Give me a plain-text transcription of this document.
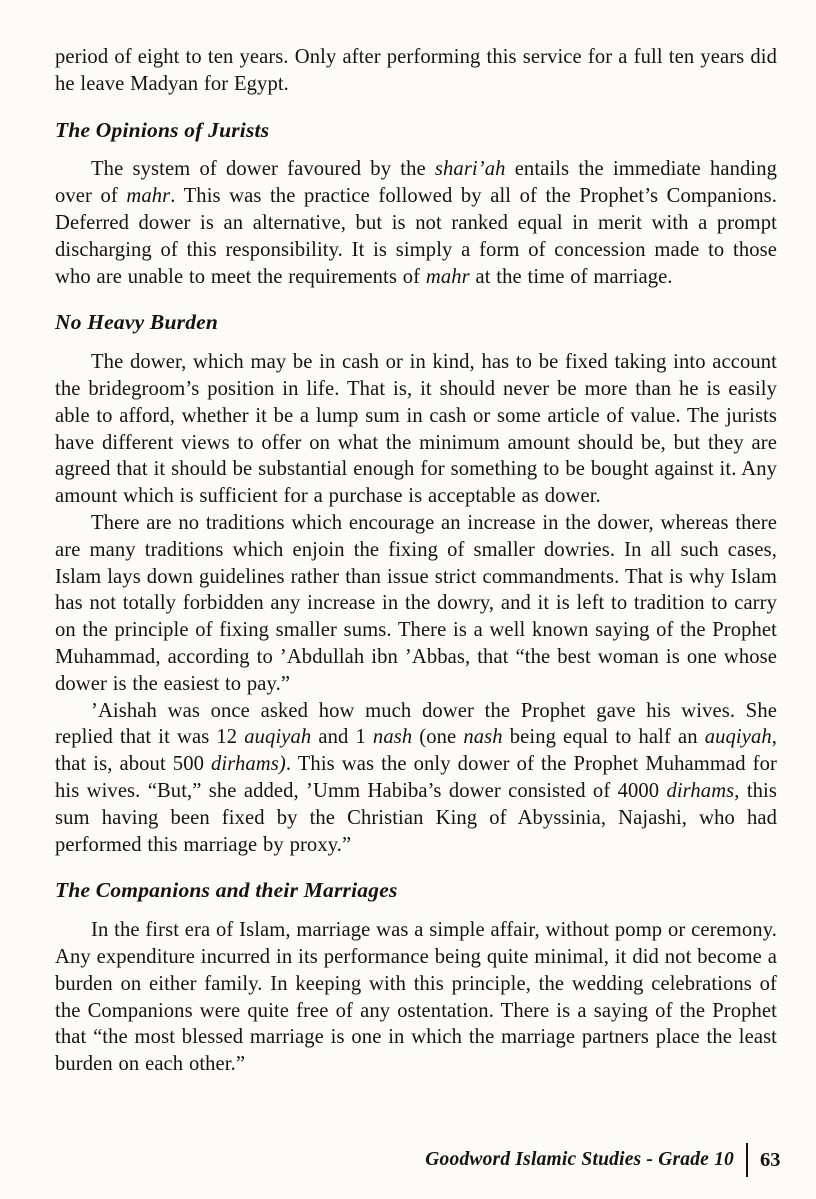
period of eight to ten years. Only after performing this service for a full ten years did he leave Madyan for Egypt.

The Opinions of Jurists

The system of dower favoured by the shari’ah entails the immediate handing over of mahr. This was the practice followed by all of the Prophet’s Companions. Deferred dower is an alternative, but is not ranked equal in merit with a prompt discharging of this responsibility. It is simply a form of concession made to those who are unable to meet the requirements of mahr at the time of marriage.

No Heavy Burden

The dower, which may be in cash or in kind, has to be fixed taking into account the bridegroom’s position in life. That is, it should never be more than he is easily able to afford, whether it be a lump sum in cash or some article of value. The jurists have different views to offer on what the minimum amount should be, but they are agreed that it should be substantial enough for something to be bought against it. Any amount which is sufficient for a purchase is acceptable as dower.

There are no traditions which encourage an increase in the dower, whereas there are many traditions which enjoin the fixing of smaller dowries. In all such cases, Islam lays down guidelines rather than issue strict commandments. That is why Islam has not totally forbidden any increase in the dowry, and it is left to tradition to carry on the principle of fixing smaller sums. There is a well known saying of the Prophet Muhammad, according to ’Abdullah ibn ’Abbas, that “the best woman is one whose dower is the easiest to pay.”

’Aishah was once asked how much dower the Prophet gave his wives. She replied that it was 12 auqiyah and 1 nash (one nash being equal to half an auqiyah, that is, about 500 dirhams). This was the only dower of the Prophet Muhammad for his wives. “But,” she added, ’Umm Habiba’s dower consisted of 4000 dirhams, this sum having been fixed by the Christian King of Abyssinia, Najashi, who had performed this marriage by proxy.”

The Companions and their Marriages

In the first era of Islam, marriage was a simple affair, without pomp or ceremony. Any expenditure incurred in its performance being quite minimal, it did not become a burden on either family. In keeping with this principle, the wedding celebrations of the Companions were quite free of any ostentation. There is a saying of the Prophet that “the most blessed marriage is one in which the marriage partners place the least burden on each other.”

Goodword Islamic Studies - Grade 10 63
